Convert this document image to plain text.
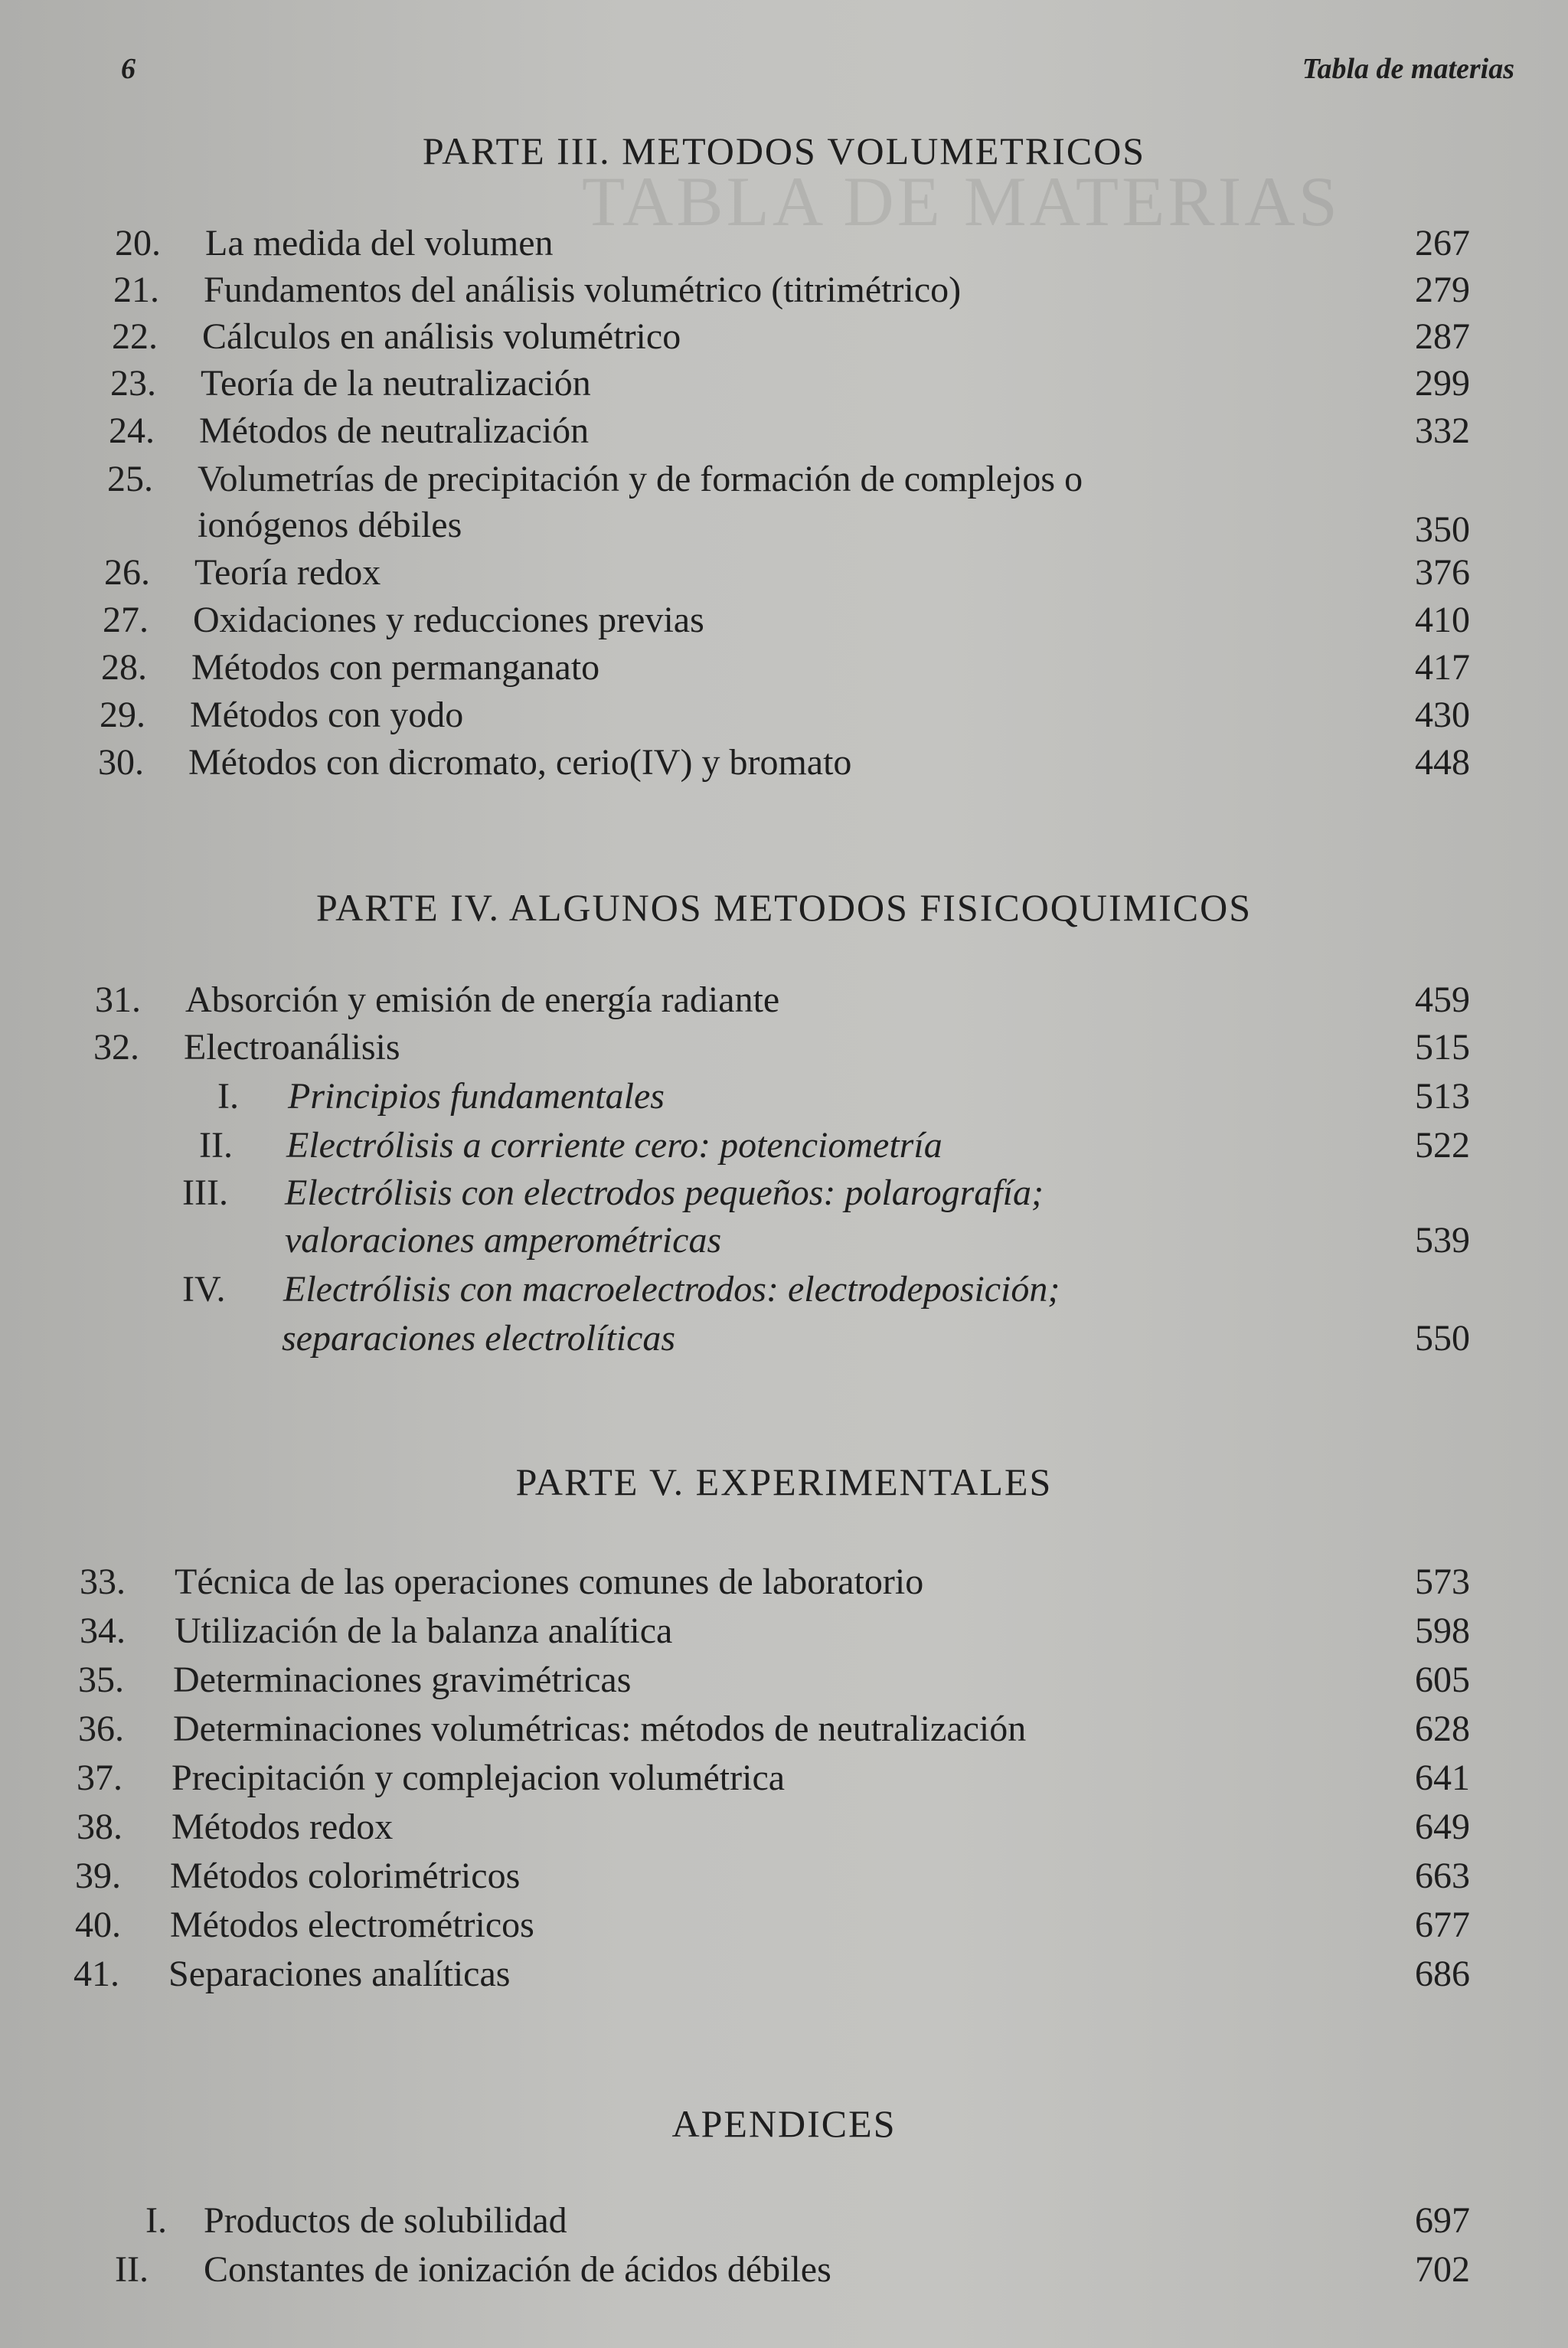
TABLA DE MATERIAS
6	Tabla de materias
PARTE III. METODOS VOLUMETRICOS
20. La medida del volumen	267
21. Fundamentos del análisis volumétrico (titrimétrico)	279
22. Cálculos en análisis volumétrico	287
23. Teoría de la neutralización	299
24. Métodos de neutralización	332
25. Volumetrías de precipitación y de formación de complejos o
ionógenos débiles	350
26. Teoría redox	376
27. Oxidaciones y reducciones previas	410
28. Métodos con permanganato	417
29. Métodos con yodo	430
30. Métodos con dicromato, cerio(IV) y bromato	448
PARTE IV. ALGUNOS METODOS FISICOQUIMICOS
31. Absorción y emisión de energía radiante	459
32. Electroanálisis	515
I. Principios fundamentales	513
II. Electrólisis a corriente cero: potenciometría	522
III. Electrólisis con electrodos pequeños: polarografía;
valoraciones amperométricas	539
IV. Electrólisis con macroelectrodos: electrodeposición;
separaciones electrolíticas	550
PARTE V. EXPERIMENTALES
33. Técnica de las operaciones comunes de laboratorio	573
34. Utilización de la balanza analítica	598
35. Determinaciones gravimétricas	605
36. Determinaciones volumétricas: métodos de neutralización	628
37. Precipitación y complejacion volumétrica	641
38. Métodos redox	649
39. Métodos colorimétricos	663
40. Métodos electrométricos	677
41. Separaciones analíticas	686
APENDICES
I. Productos de solubilidad	697
II. Constantes de ionización de ácidos débiles	702
